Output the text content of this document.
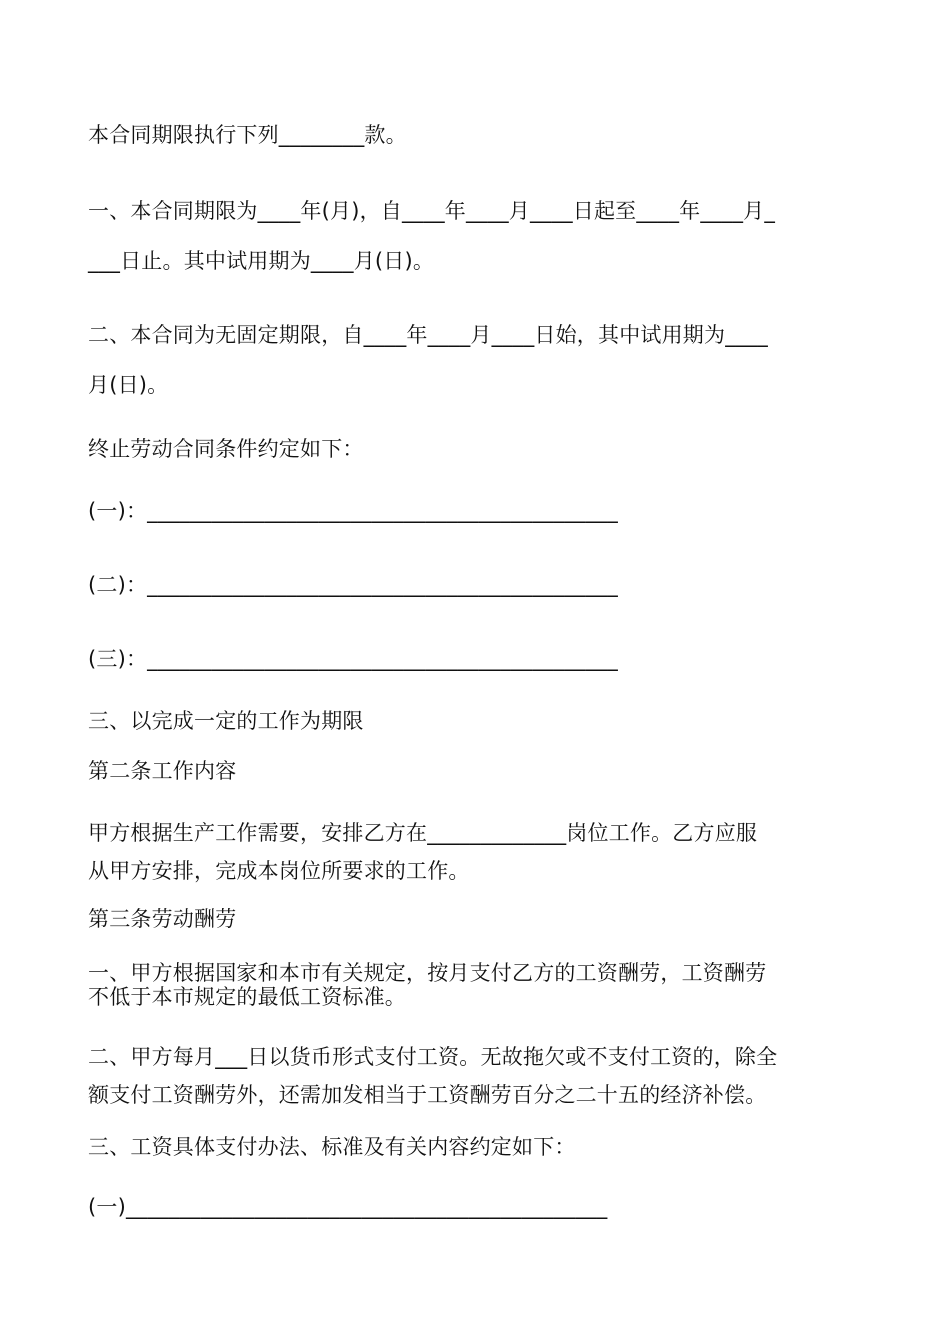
本合同期限执行下列________款。

一、本合同期限为____年(月)，自____年____月____日起至____年____月_

___日止。其中试用期为____月(日)。

二、本合同为无固定期限，自____年____月____日始，其中试用期为____

月(日)。

终止劳动合同条件约定如下：

(一)：____________________________________________

(二)：____________________________________________

(三)：____________________________________________

三、以完成一定的工作为期限

第二条工作内容

甲方根据生产工作需要，安排乙方在_____________岗位工作。乙方应服

从甲方安排，完成本岗位所要求的工作。

第三条劳动酬劳

一、甲方根据国家和本市有关规定，按月支付乙方的工资酬劳，工资酬劳

不低于本市规定的最低工资标准。

二、甲方每月___日以货币形式支付工资。无故拖欠或不支付工资的，除全

额支付工资酬劳外，还需加发相当于工资酬劳百分之二十五的经济补偿。

三、工资具体支付办法、标准及有关内容约定如下：

(一)_____________________________________________
